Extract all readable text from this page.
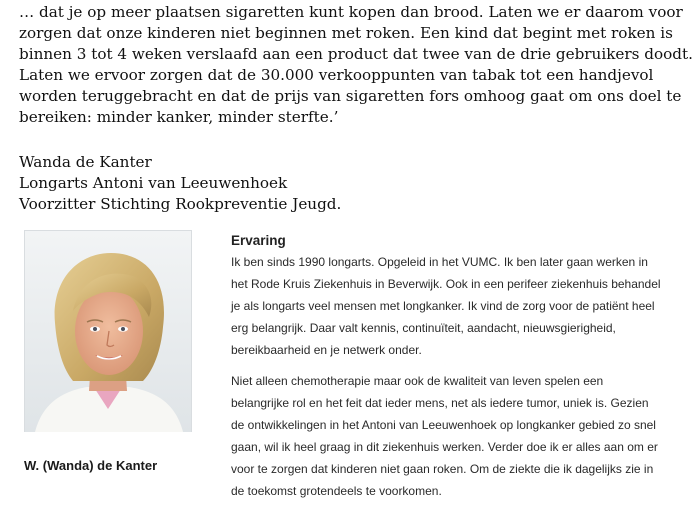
… dat je op meer plaatsen sigaretten kunt kopen dan brood. Laten we er daarom voor
zorgen dat onze kinderen niet beginnen met roken. Een kind dat begint met roken is
binnen 3 tot 4 weken verslaafd aan een product dat twee van de drie gebruikers doodt.
Laten we ervoor zorgen dat de 30.000 verkooppunten van tabak tot een handjevol
worden teruggebracht en dat de prijs van sigaretten fors omhoog gaat om ons doel te
bereiken: minder kanker, minder sterfte.’

Wanda de Kanter
Longarts Antoni van Leeuwenhoek
Voorzitter Stichting Rookpreventie Jeugd.

W. (Wanda) de Kanter

Ervaring

Ik ben sinds 1990 longarts. Opgeleid in het VUMC. Ik ben later gaan werken in
het Rode Kruis Ziekenhuis in Beverwijk. Ook in een perifeer ziekenhuis behandel
je als longarts veel mensen met longkanker. Ik vind de zorg voor de patiënt heel
erg belangrijk. Daar valt kennis, continuïteit, aandacht, nieuwsgierigheid,
bereikbaarheid en je netwerk onder.

Niet alleen chemotherapie maar ook de kwaliteit van leven spelen een
belangrijke rol en het feit dat ieder mens, net als iedere tumor, uniek is. Gezien
de ontwikkelingen in het Antoni van Leeuwenhoek op longkanker gebied zo snel
gaan, wil ik heel graag in dit ziekenhuis werken. Verder doe ik er alles aan om er
voor te zorgen dat kinderen niet gaan roken. Om de ziekte die ik dagelijks zie in
de toekomst grotendeels te voorkomen.
